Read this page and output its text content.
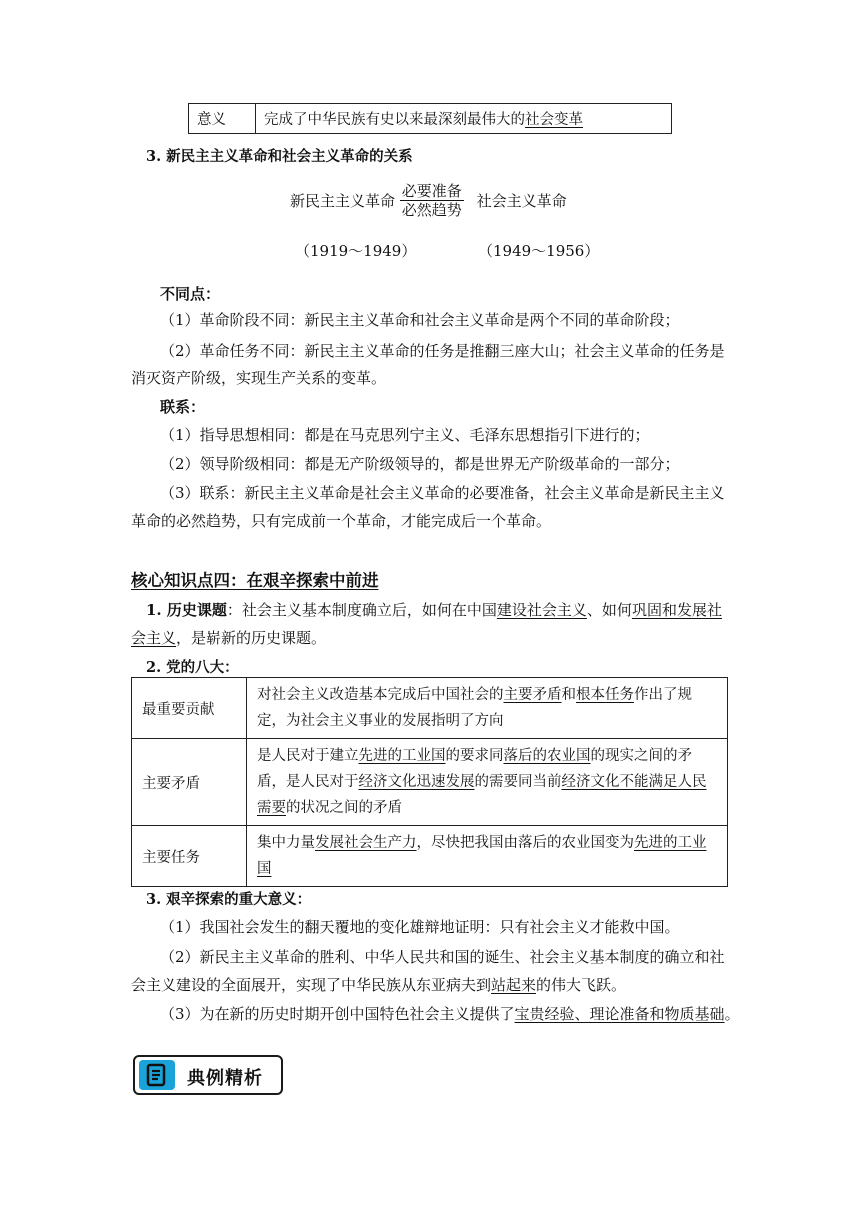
意义	完成了中华民族有史以来最深刻最伟大的社会变革
3. 新民主主义革命和社会主义革命的关系
新民主主义革命 $\frac{\text{必要准备}}{\text{必然趋势}}$ 社会主义革命
（1919～1949）	（1949～1956）
不同点：
（1）革命阶段不同：新民主主义革命和社会主义革命是两个不同的革命阶段；
（2）革命任务不同：新民主主义革命的任务是推翻三座大山；社会主义革命的任务是
消灭资产阶级，实现生产关系的变革。
联系：
（1）指导思想相同：都是在马克思列宁主义、毛泽东思想指引下进行的；
（2）领导阶级相同：都是无产阶级领导的，都是世界无产阶级革命的一部分；
（3）联系：新民主主义革命是社会主义革命的必要准备，社会主义革命是新民主主义
革命的必然趋势，只有完成前一个革命，才能完成后一个革命。
核心知识点四：在艰辛探索中前进
1. 历史课题：社会主义基本制度确立后，如何在中国建设社会主义、如何巩固和发展社
会主义，是崭新的历史课题。
2. 党的八大：
最重要贡献	对社会主义改造基本完成后中国社会的主要矛盾和根本任务作出了规
定，为社会主义事业的发展指明了方向
主要矛盾	是人民对于建立先进的工业国的要求同落后的农业国的现实之间的矛
盾，是人民对于经济文化迅速发展的需要同当前经济文化不能满足人民
需要的状况之间的矛盾
主要任务	集中力量发展社会生产力，尽快把我国由落后的农业国变为先进的工业
国
3. 艰辛探索的重大意义：
（1）我国社会发生的翻天覆地的变化雄辩地证明：只有社会主义才能救中国。
（2）新民主主义革命的胜利、中华人民共和国的诞生、社会主义基本制度的确立和社
会主义建设的全面展开，实现了中华民族从东亚病夫到站起来的伟大飞跃。
（3）为在新的历史时期开创中国特色社会主义提供了宝贵经验、理论准备和物质基础。
典例精析
